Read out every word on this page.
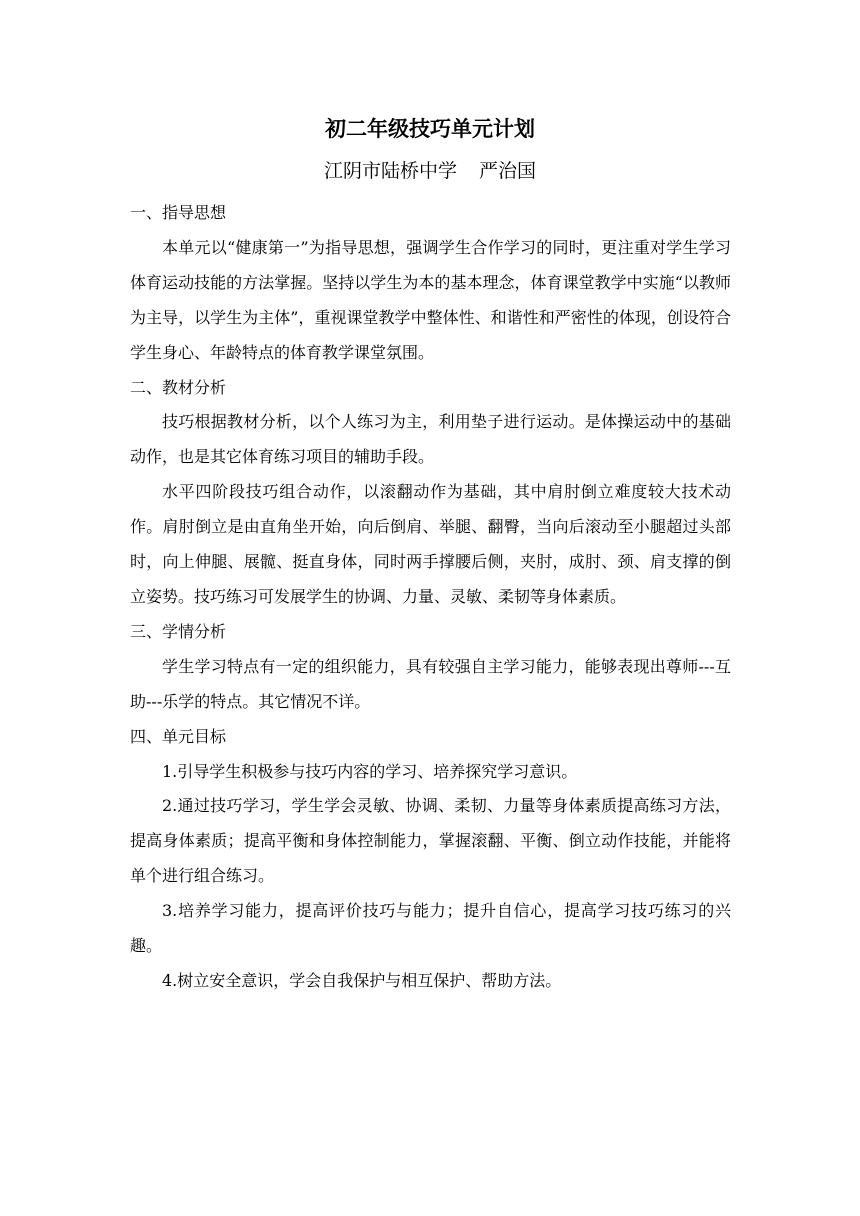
初二年级技巧单元计划
江阴市陆桥中学 严治国

一、指导思想

本单元以“健康第一”为指导思想，强调学生合作学习的同时，更注重对学生学习体育运动技能的方法掌握。坚持以学生为本的基本理念，体育课堂教学中实施“以教师为主导，以学生为主体”，重视课堂教学中整体性、和谐性和严密性的体现，创设符合学生身心、年龄特点的体育教学课堂氛围。

二、教材分析

技巧根据教材分析，以个人练习为主，利用垫子进行运动。是体操运动中的基础动作，也是其它体育练习项目的辅助手段。

水平四阶段技巧组合动作，以滚翻动作为基础，其中肩肘倒立难度较大技术动作。肩肘倒立是由直角坐开始，向后倒肩、举腿、翻臀，当向后滚动至小腿超过头部时，向上伸腿、展髋、挺直身体，同时两手撑腰后侧，夹肘，成肘、颈、肩支撑的倒立姿势。技巧练习可发展学生的协调、力量、灵敏、柔韧等身体素质。

三、学情分析

学生学习特点有一定的组织能力，具有较强自主学习能力，能够表现出尊师---互助---乐学的特点。其它情况不详。

四、单元目标

1.引导学生积极参与技巧内容的学习、培养探究学习意识。

2.通过技巧学习，学生学会灵敏、协调、柔韧、力量等身体素质提高练习方法，提高身体素质；提高平衡和身体控制能力，掌握滚翻、平衡、倒立动作技能，并能将单个进行组合练习。

3.培养学习能力，提高评价技巧与能力；提升自信心，提高学习技巧练习的兴趣。

4.树立安全意识，学会自我保护与相互保护、帮助方法。
